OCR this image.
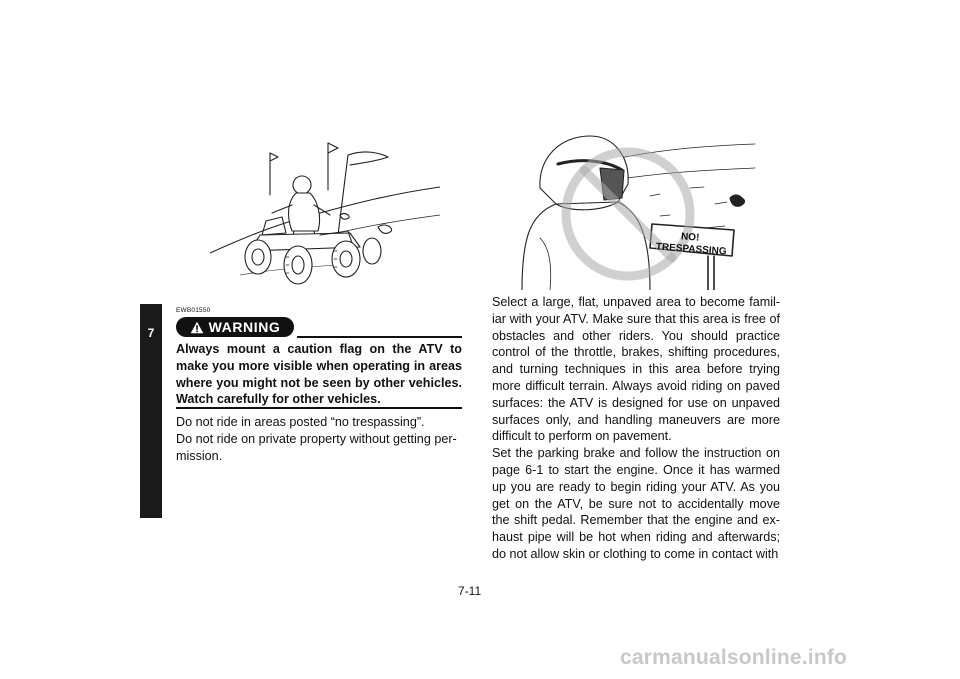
7
EWB01550
WARNING
Always mount a caution flag on the ATV to make you more visible when operating in areas where you might not be seen by other vehicles. Watch carefully for other vehicles.

Do not ride in areas posted “no trespassing”.

Do not ride on private property without getting per-mission.

NO!
TRESPASSING

Select a large, flat, unpaved area to become famil-iar with your ATV. Make sure that this area is free of obstacles and other riders. You should practice control of the throttle, brakes, shifting procedures, and turning techniques in this area before trying more difficult terrain. Always avoid riding on paved surfaces: the ATV is designed for use on unpaved surfaces only, and handling maneuvers are more difficult to perform on pavement.

Set the parking brake and follow the instruction on page 6-1 to start the engine. Once it has warmed up you are ready to begin riding your ATV. As you get on the ATV, be sure not to accidentally move the shift pedal. Remember that the engine and ex-haust pipe will be hot when riding and afterwards; do not allow skin or clothing to come in contact with

7-11
carmanualsonline.info
